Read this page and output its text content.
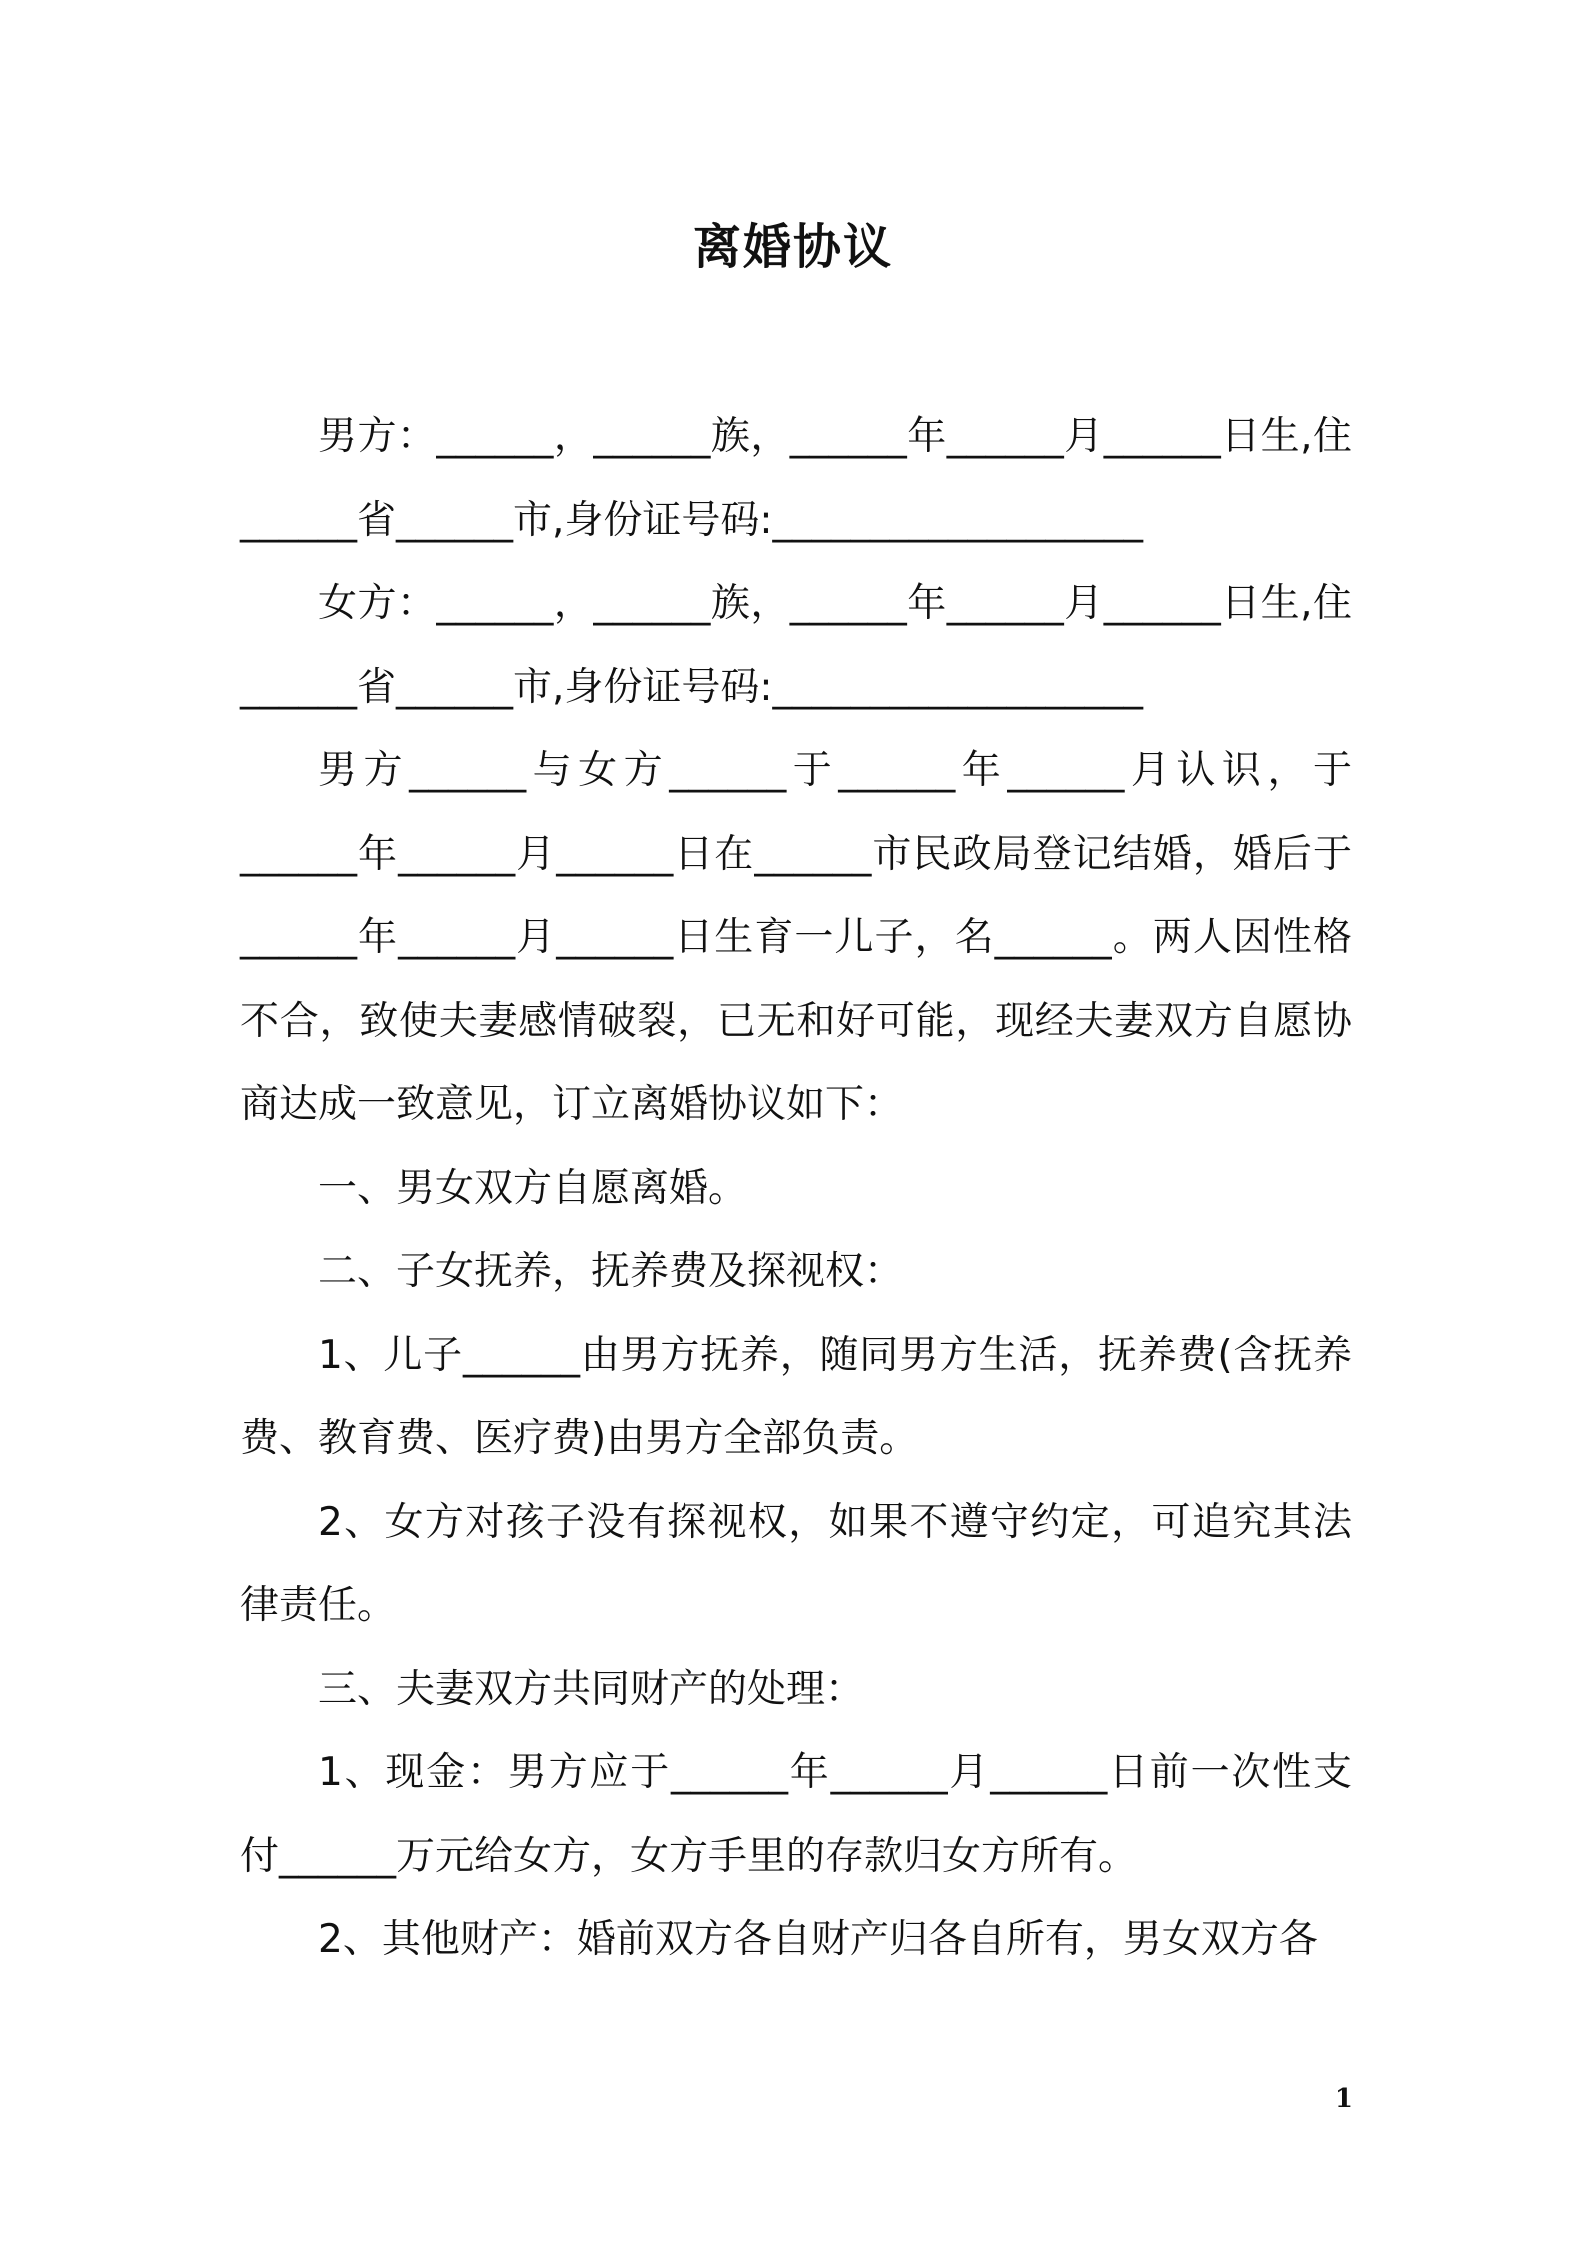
离婚协议

男方：______，______族，______年______月______日生,住______省______市,身份证号码:___________________

女方：______，______族，______年______月______日生,住______省______市,身份证号码:___________________

男方______与女方______于______年______月认识，于______年______月______日在______市民政局登记结婚，婚后于______年______月______日生育一儿子，名______。两人因性格不合，致使夫妻感情破裂，已无和好可能，现经夫妻双方自愿协商达成一致意见，订立离婚协议如下：

一、男女双方自愿离婚。

二、子女抚养，抚养费及探视权：

1、儿子______由男方抚养，随同男方生活，抚养费(含抚养费、教育费、医疗费)由男方全部负责。

2、女方对孩子没有探视权，如果不遵守约定，可追究其法律责任。

三、夫妻双方共同财产的处理：

1、现金：男方应于______年______月______日前一次性支付______万元给女方，女方手里的存款归女方所有。

2、其他财产：婚前双方各自财产归各自所有，男女双方各

1
